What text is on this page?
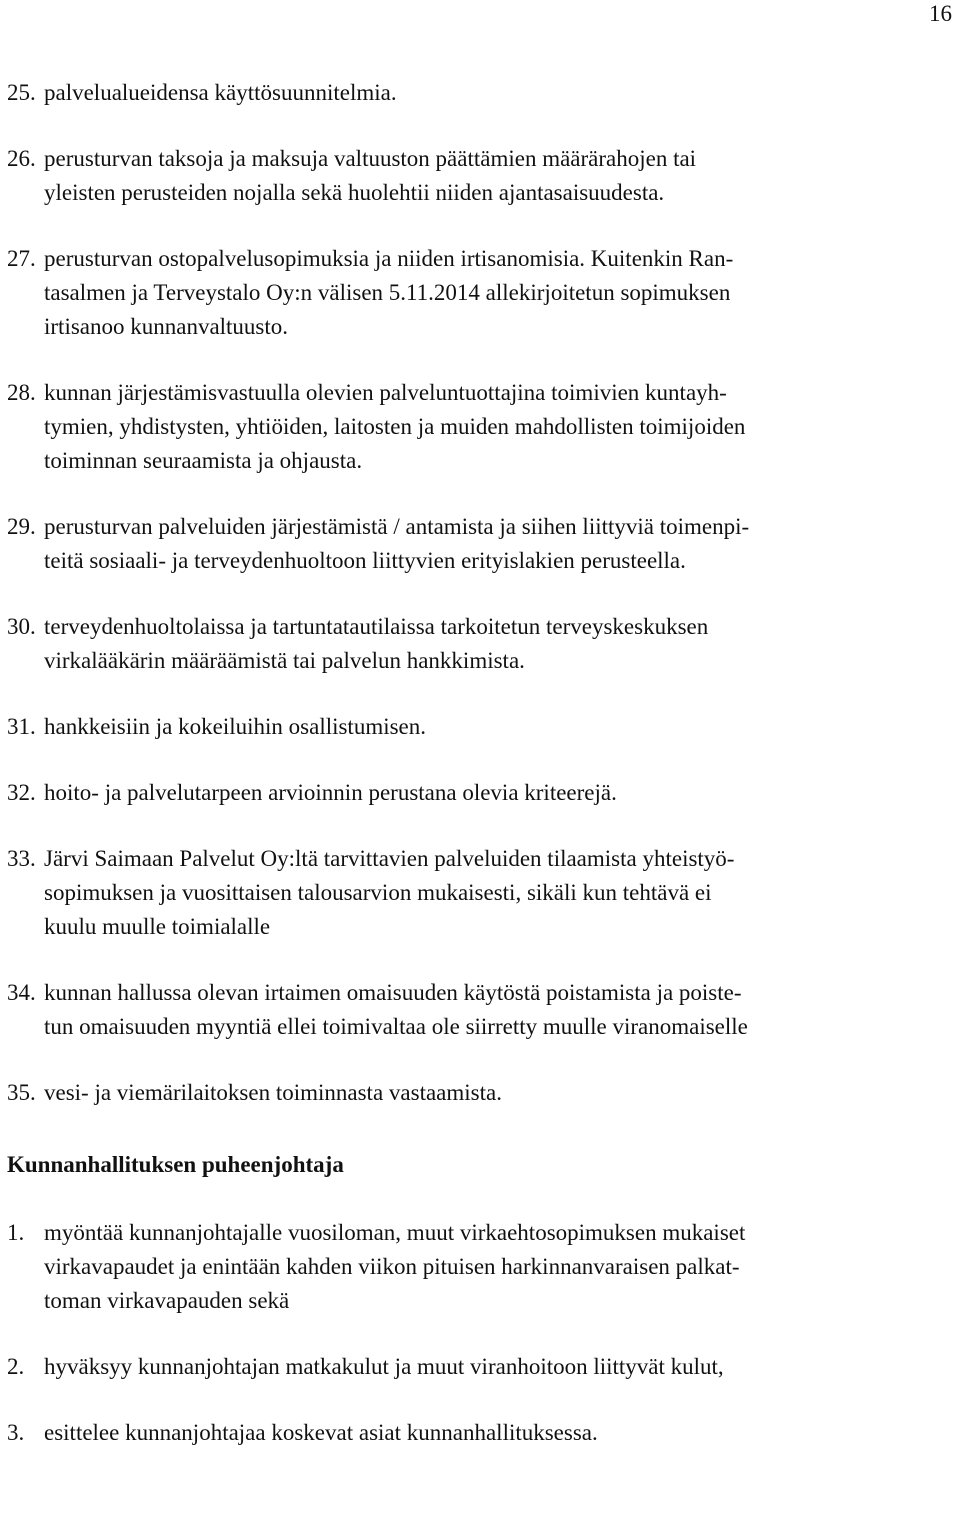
16
25. palvelualueidensa käyttösuunnitelmia.
26. perusturvan taksoja ja maksuja valtuuston päättämien määrärahojen tai
yleisten perusteiden nojalla sekä huolehtii niiden ajantasaisuudesta.
27. perusturvan ostopalvelusopimuksia ja niiden irtisanomisia. Kuitenkin Ran-
tasalmen ja Terveystalo Oy:n välisen 5.11.2014 allekirjoitetun sopimuksen
irtisanoo kunnanvaltuusto.
28. kunnan järjestämisvastuulla olevien palveluntuottajina toimivien kuntayh-
tymien, yhdistysten, yhtiöiden, laitosten ja muiden mahdollisten toimijoiden
toiminnan seuraamista ja ohjausta.
29. perusturvan palveluiden järjestämistä / antamista ja siihen liittyviä toimenpi-
teitä sosiaali- ja terveydenhuoltoon liittyvien erityislakien perusteella.
30. terveydenhuoltolaissa ja tartuntatautilaissa tarkoitetun terveyskeskuksen
virkalääkärin määräämistä tai palvelun hankkimista.
31. hankkeisiin ja kokeiluihin osallistumisen.
32. hoito- ja palvelutarpeen arvioinnin perustana olevia kriteerejä.
33. Järvi Saimaan Palvelut Oy:ltä tarvittavien palveluiden tilaamista yhteistyö-
sopimuksen ja vuosittaisen talousarvion mukaisesti, sikäli kun tehtävä ei
kuulu muulle toimialalle
34. kunnan hallussa olevan irtaimen omaisuuden käytöstä poistamista ja poiste-
tun omaisuuden myyntiä ellei toimivaltaa ole siirretty muulle viranomaiselle
35. vesi- ja viemärilaitoksen toiminnasta vastaamista.
Kunnanhallituksen puheenjohtaja
1. myöntää kunnanjohtajalle vuosiloman, muut virkaehtosopimuksen mukaiset
virkavapaudet ja enintään kahden viikon pituisen harkinnanvaraisen palkat-
toman virkavapauden sekä
2. hyväksyy kunnanjohtajan matkakulut ja muut viranhoitoon liittyvät kulut,
3. esittelee kunnanjohtajaa koskevat asiat kunnanhallituksessa.
